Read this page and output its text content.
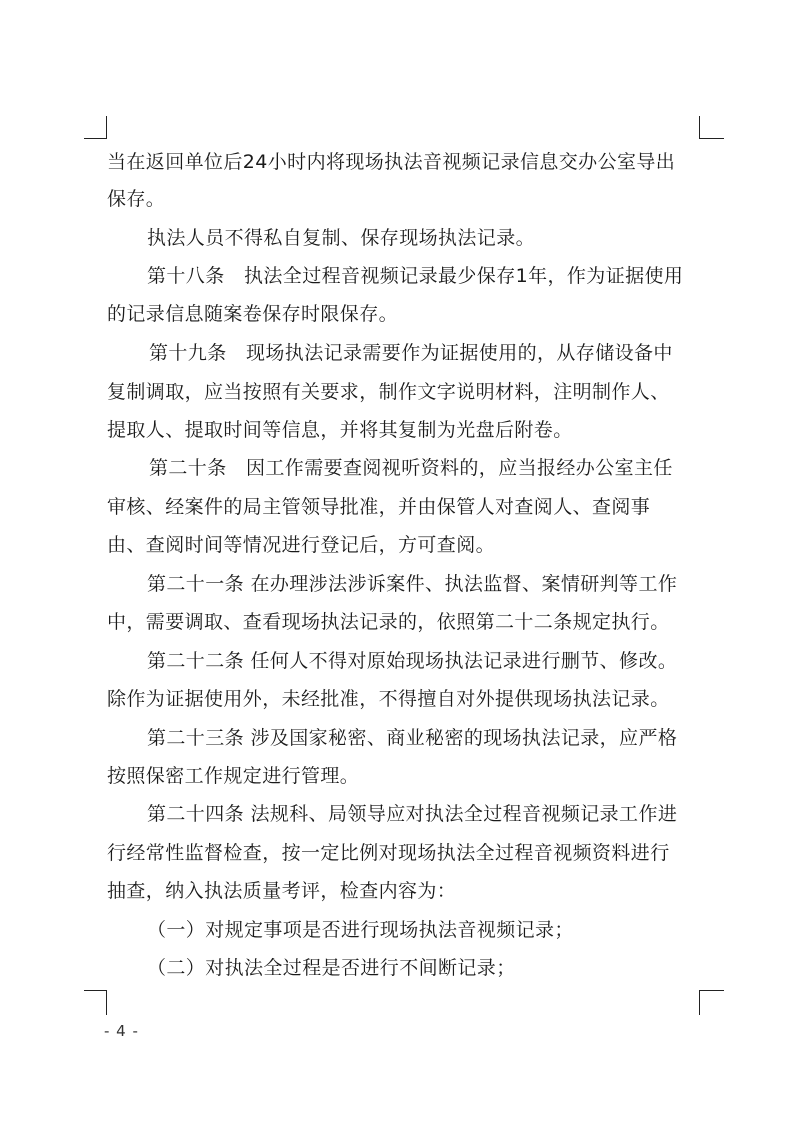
当在返回单位后24小时内将现场执法音视频记录信息交办公室导出
保存。
执法人员不得私自复制、保存现场执法记录。
第十八条　执法全过程音视频记录最少保存1年，作为证据使用
的记录信息随案卷保存时限保存。
第十九条　现场执法记录需要作为证据使用的，从存储设备中
复制调取，应当按照有关要求，制作文字说明材料，注明制作人、
提取人、提取时间等信息，并将其复制为光盘后附卷。
第二十条　因工作需要查阅视听资料的，应当报经办公室主任
审核、经案件的局主管领导批准，并由保管人对查阅人、查阅事
由、查阅时间等情况进行登记后，方可查阅。
第二十一条 在办理涉法涉诉案件、执法监督、案情研判等工作
中，需要调取、查看现场执法记录的，依照第二十二条规定执行。
第二十二条 任何人不得对原始现场执法记录进行删节、修改。
除作为证据使用外，未经批准，不得擅自对外提供现场执法记录。
第二十三条 涉及国家秘密、商业秘密的现场执法记录，应严格
按照保密工作规定进行管理。
第二十四条 法规科、局领导应对执法全过程音视频记录工作进
行经常性监督检查，按一定比例对现场执法全过程音视频资料进行
抽查，纳入执法质量考评，检查内容为：
（一）对规定事项是否进行现场执法音视频记录；
（二）对执法全过程是否进行不间断记录；
- 4 -
